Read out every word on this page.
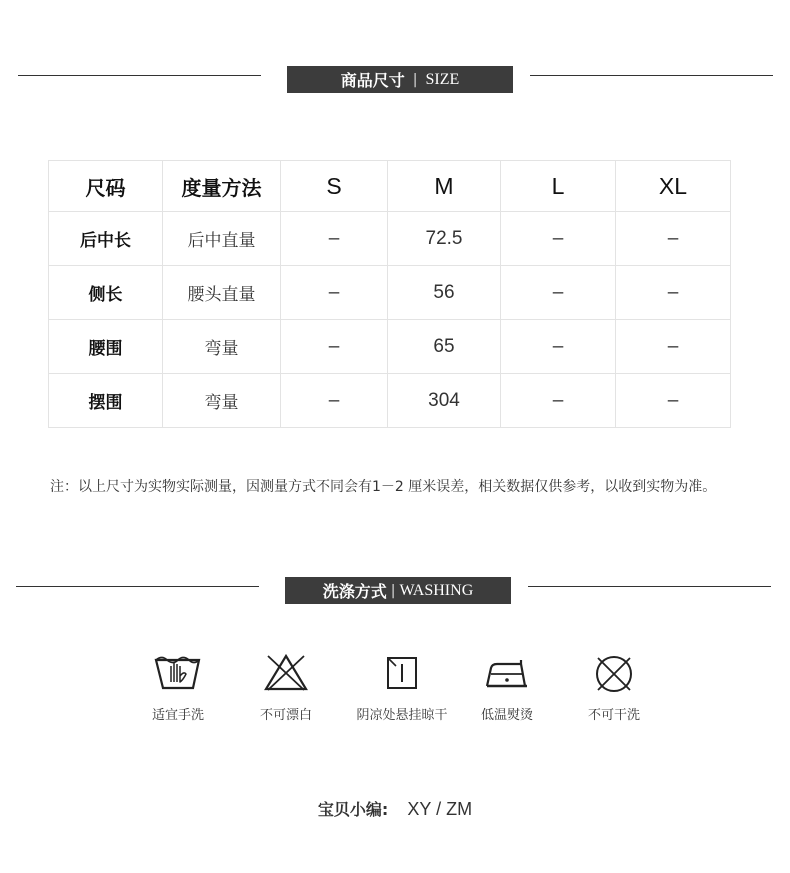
商品尺寸 | SIZE
尺码	度量方法	S	M	L	XL
后中长	后中直量	–	72.5	–	–
侧长	腰头直量	–	56	–	–
腰围	弯量	–	65	–	–
摆围	弯量	–	304	–	–
注：以上尺寸为实物实际测量，因测量方式不同会有1－2 厘米误差，相关数据仅供参考，以收到实物为准。
洗涤方式 | WASHING
适宜手洗	不可漂白	阴凉处悬挂晾干	低温熨烫	不可干洗
宝贝小编: XY / ZM
